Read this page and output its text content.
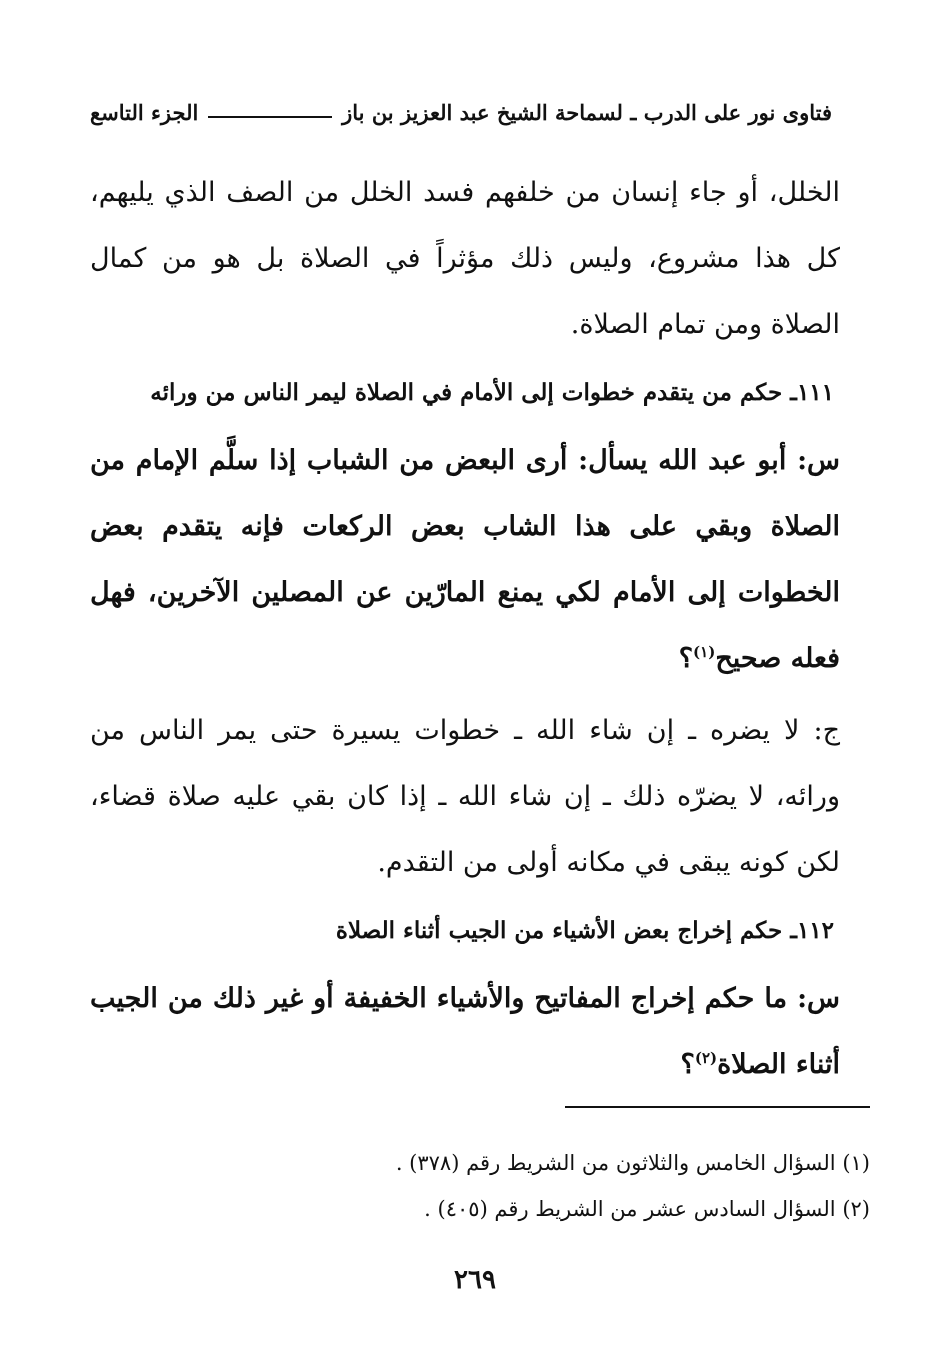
فتاوى نور على الدرب ـ لسماحة الشيخ عبد العزيز بن باز
الجزء التاسع

الخلل، أو جاء إنسان من خلفهم فسد الخلل من الصف الذي يليهم، كل هذا مشروع، وليس ذلك مؤثراً في الصلاة بل هو من كمال الصلاة ومن تمام الصلاة.

١١١ـ حكم من يتقدم خطوات إلى الأمام في الصلاة ليمر الناس من ورائه

س: أبو عبد الله يسأل: أرى البعض من الشباب إذا سلَّم الإمام من الصلاة وبقي على هذا الشاب بعض الركعات فإنه يتقدم بعض الخطوات إلى الأمام لكي يمنع المارّين عن المصلين الآخرين، فهل فعله صحيح$^{(١)}$؟

ج: لا يضره ـ إن شاء الله ـ خطوات يسيرة حتى يمر الناس من ورائه، لا يضرّه ذلك ـ إن شاء الله ـ إذا كان بقي عليه صلاة قضاء، لكن كونه يبقى في مكانه أولى من التقدم.

١١٢ـ حكم إخراج بعض الأشياء من الجيب أثناء الصلاة

س: ما حكم إخراج المفاتيح والأشياء الخفيفة أو غير ذلك من الجيب أثناء الصلاة$^{(٢)}$؟

(١) السؤال الخامس والثلاثون من الشريط رقم (٣٧٨) .

(٢) السؤال السادس عشر من الشريط رقم (٤٠٥) .

٢٦٩
